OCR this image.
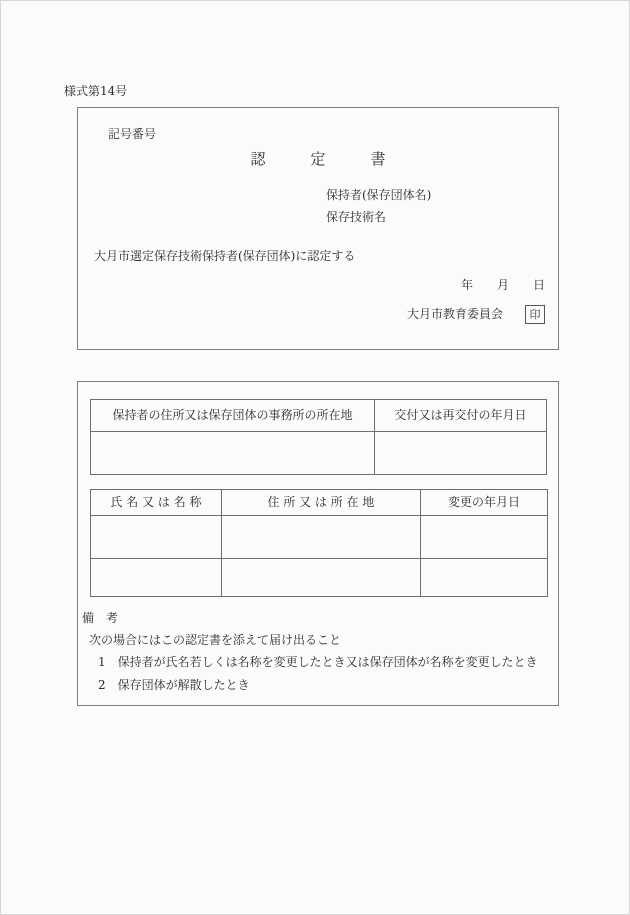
様式第14号
記号番号
認　　　定　　　書
保持者(保存団体名)
保存技術名
大月市選定保存技術保持者(保存団体)に認定する
年　　月　　日
大月市教育委員会	印
保持者の住所又は保存団体の事務所の所在地	交付又は再交付の年月日

氏 名 又 は 名 称	住 所 又 は 所 在 地	変更の年月日

備　考
次の場合にはこの認定書を添えて届け出ること
1 保持者が氏名若しくは名称を変更したとき又は保存団体が名称を変更したとき
2 保存団体が解散したとき
